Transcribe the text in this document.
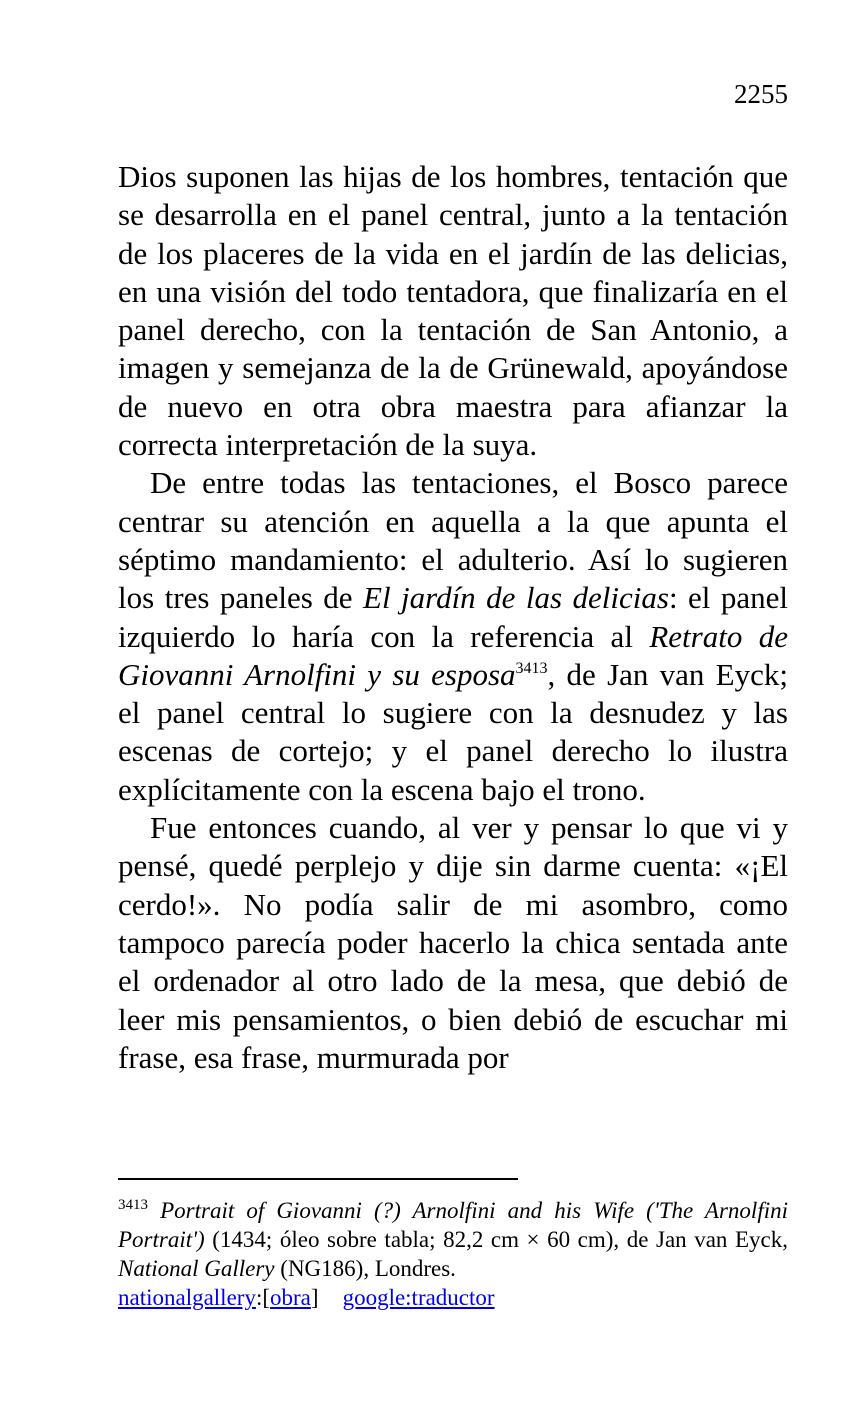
2255

Dios suponen las hijas de los hombres, tentación que se desarrolla en el panel central, junto a la tentación de los placeres de la vida en el jardín de las delicias, en una visión del todo tentadora, que finalizaría en el panel derecho, con la tentación de San Antonio, a imagen y semejanza de la de Grünewald, apoyándose de nuevo en otra obra maestra para afianzar la correcta interpretación de la suya.

De entre todas las tentaciones, el Bosco parece centrar su atención en aquella a la que apunta el séptimo mandamiento: el adulterio. Así lo sugieren los tres paneles de El jardín de las delicias: el panel izquierdo lo haría con la referencia al Retrato de Giovanni Arnolfini y su esposa$^{3413}$, de Jan van Eyck; el panel central lo sugiere con la desnudez y las escenas de cortejo; y el panel derecho lo ilustra explícitamente con la escena bajo el trono.

Fue entonces cuando, al ver y pensar lo que vi y pensé, quedé perplejo y dije sin darme cuenta: «¡El cerdo!». No podía salir de mi asombro, como tampoco parecía poder hacerlo la chica sentada ante el ordenador al otro lado de la mesa, que debió de leer mis pensamientos, o bien debió de escuchar mi frase, esa frase, murmurada por

$^{3413}$ Portrait of Giovanni (?) Arnolfini and his Wife ('The Arnolfini Portrait') (1434; óleo sobre tabla; 82,2 cm × 60 cm), de Jan van Eyck, National Gallery (NG186), Londres.

nationalgallery:[obra] google:traductor
